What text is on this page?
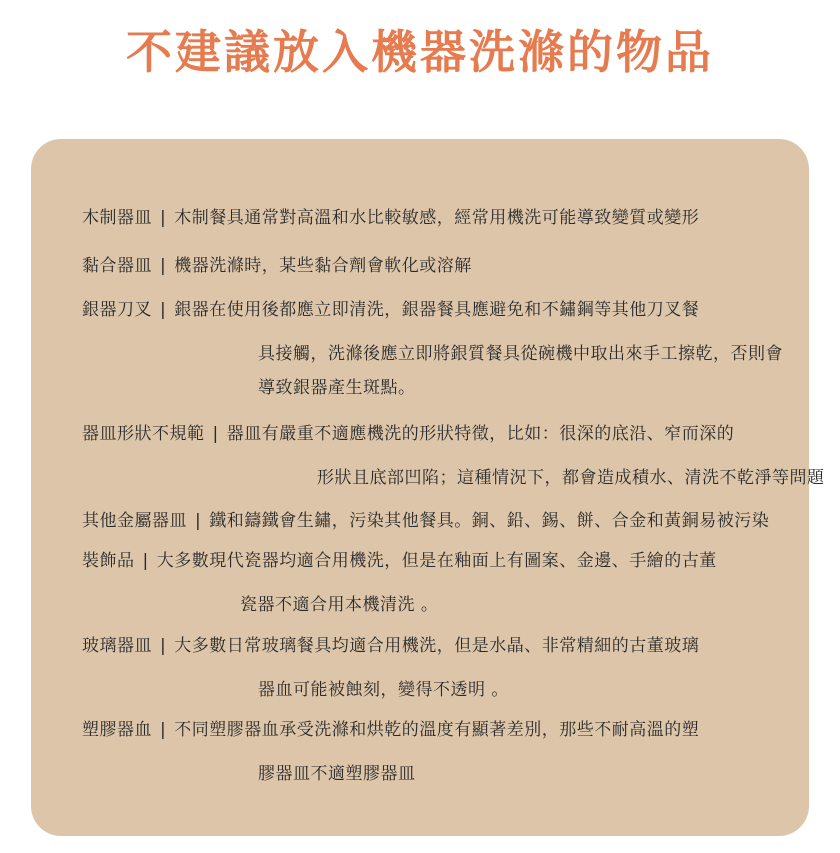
不建議放入機器洗滌的物品
木制器皿 | 木制餐具通常對高溫和水比較敏感，經常用機洗可能導致變質或變形
黏合器皿 | 機器洗滌時，某些黏合劑會軟化或溶解
銀器刀叉 | 銀器在使用後都應立即清洗，銀器餐具應避免和不鏽鋼等其他刀叉餐
具接觸，洗滌後應立即將銀質餐具從碗機中取出來手工擦乾，否則會
導致銀器產生斑點。
器皿形狀不規範 | 器皿有嚴重不適應機洗的形狀特徵，比如：很深的底沿、窄而深的
形狀且底部凹陷；這種情況下，都會造成積水、清洗不乾淨等問題
其他金屬器皿 | 鐵和鑄鐵會生鏽，污染其他餐具。銅、鉛、錫、餅、合金和黃銅易被污染
裝飾品 | 大多數現代瓷器均適合用機洗，但是在釉面上有圖案、金邊、手繪的古董
瓷器不適合用本機清洗 。
玻璃器皿 | 大多數日常玻璃餐具均適合用機洗，但是水晶、非常精細的古董玻璃
器血可能被蝕刻，變得不透明 。
塑膠器血 | 不同塑膠器血承受洗滌和烘乾的溫度有顯著差別，那些不耐高溫的塑
膠器皿不適塑膠器皿
